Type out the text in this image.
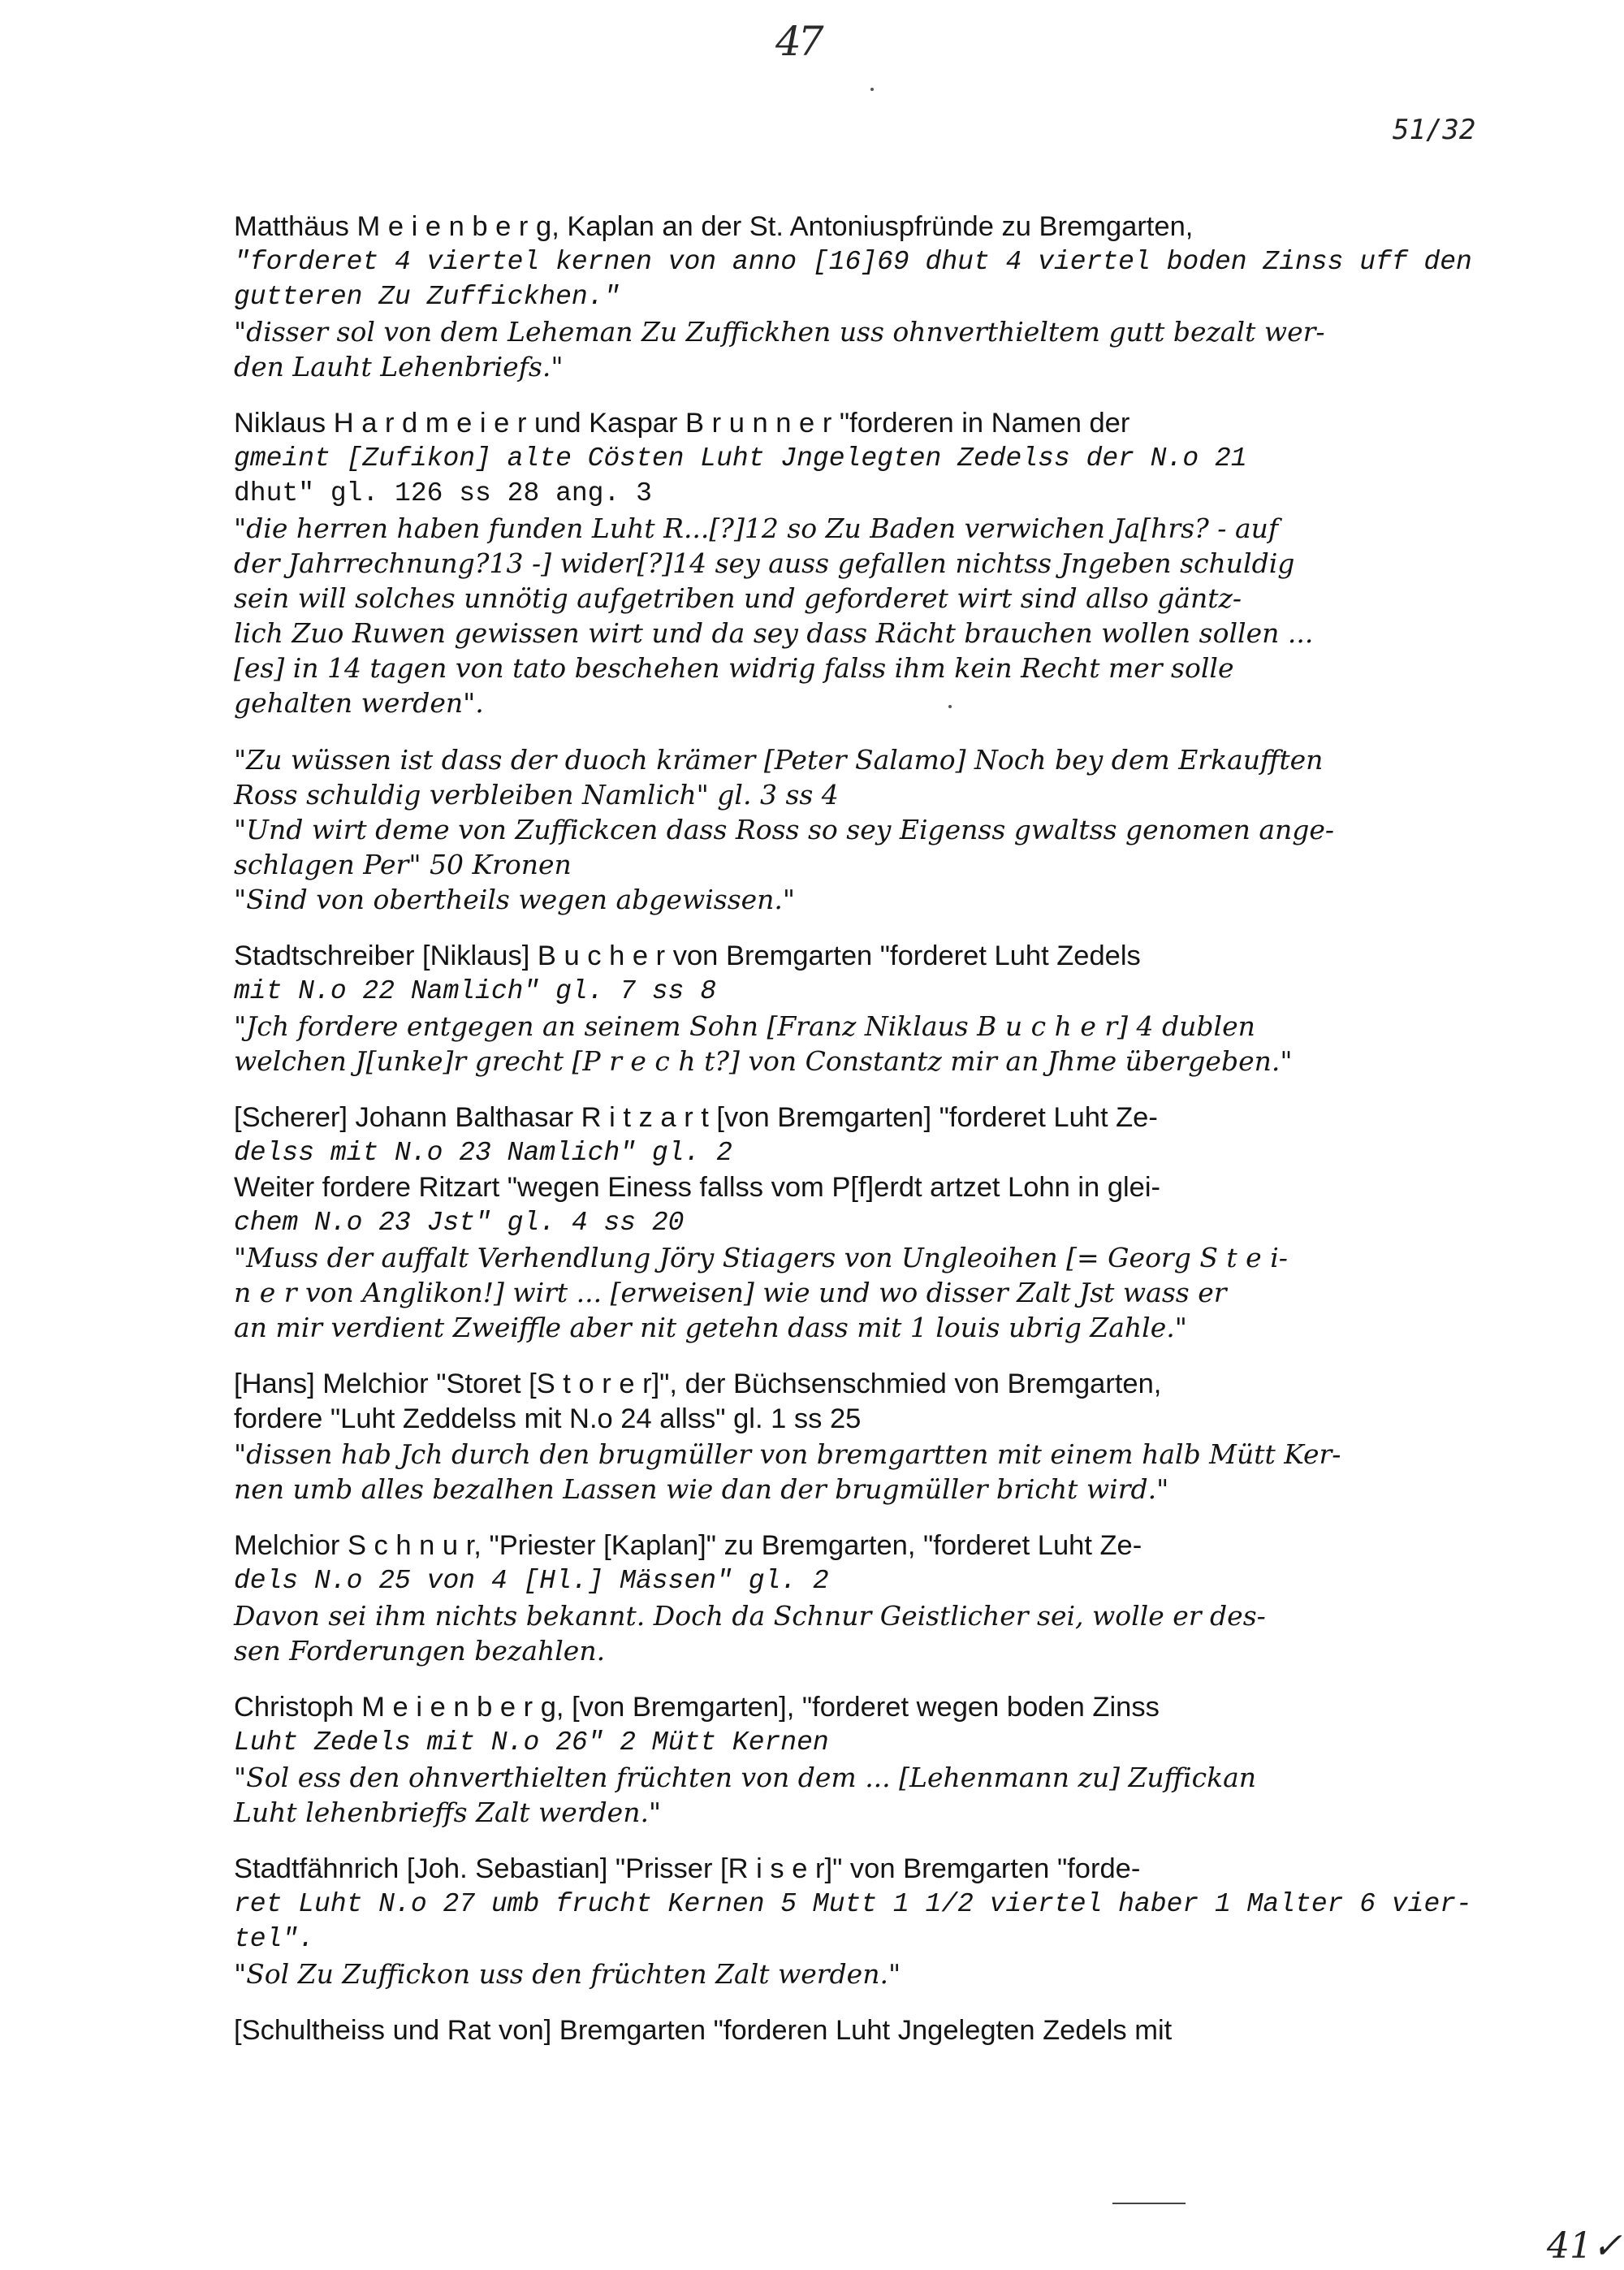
47
51/32
Matthäus M e i e n b e r g, Kaplan an der St. Antoniuspfründe zu Bremgarten,
"forderet 4 viertel kernen von anno [16]69 dhut 4 viertel boden Zinss uff den
gutteren Zu Zuffickhen."
"disser sol von dem Leheman Zu Zuffickhen uss ohnverthieltem gutt bezalt wer-
den Lauht Lehenbriefs."
Niklaus H a r d m e i e r und Kaspar B r u n n e r "forderen in Namen der
gmeint [Zufikon] alte Cösten Luht Jngelegten Zedelss der N.o 21
dhut" gl. 126 ss 28 ang. 3
"die herren haben funden Luht R...[?]12 so Zu Baden verwichen Ja[hrs? - auf
der Jahrrechnung?13 -] wider[?]14 sey auss gefallen nichtss Jngeben schuldig
sein will solches unnötig aufgetriben und geforderet wirt sind allso gäntz-
lich Zuo Ruwen gewissen wirt und da sey dass Rächt brauchen wollen sollen ...
[es] in 14 tagen von tato beschehen widrig falss ihm kein Recht mer solle
gehalten werden".
"Zu wüssen ist dass der duoch krämer [Peter Salamo] Noch bey dem Erkaufften
Ross schuldig verbleiben Namlich" gl. 3 ss 4
"Und wirt deme von Zuffickcen dass Ross so sey Eigenss gwaltss genomen ange-
schlagen Per" 50 Kronen
"Sind von obertheils wegen abgewissen."
Stadtschreiber [Niklaus] B u c h e r von Bremgarten "forderet Luht Zedels
mit N.o 22 Namlich" gl. 7 ss 8
"Jch fordere entgegen an seinem Sohn [Franz Niklaus B u c h e r] 4 dublen
welchen J[unke]r grecht [P r e c h t?] von Constantz mir an Jhme übergeben."
[Scherer] Johann Balthasar R i t z a r t [von Bremgarten] "forderet Luht Ze-
delss mit N.o 23 Namlich" gl. 2
Weiter fordere Ritzart "wegen Einess fallss vom P[f]erdt artzet Lohn in glei-
chem N.o 23 Jst" gl. 4 ss 20
"Muss der auffalt Verhendlung Jöry Stiagers von Ungleoihen [= Georg S t e i-
n e r von Anglikon!] wirt ... [erweisen] wie und wo disser Zalt Jst wass er
an mir verdient Zweiffle aber nit getehn dass mit 1 louis ubrig Zahle."
[Hans] Melchior "Storet [S t o r e r]", der Büchsenschmied von Bremgarten,
fordere "Luht Zeddelss mit N.o 24 allss" gl. 1 ss 25
"dissen hab Jch durch den brugmüller von bremgartten mit einem halb Mütt Ker-
nen umb alles bezalhen Lassen wie dan der brugmüller bricht wird."
Melchior S c h n u r, "Priester [Kaplan]" zu Bremgarten, "forderet Luht Ze-
dels N.o 25 von 4 [Hl.] Mässen" gl. 2
Davon sei ihm nichts bekannt. Doch da Schnur Geistlicher sei, wolle er des-
sen Forderungen bezahlen.
Christoph M e i e n b e r g, [von Bremgarten], "forderet wegen boden Zinss
Luht Zedels mit N.o 26" 2 Mütt Kernen
"Sol ess den ohnverthielten früchten von dem ... [Lehenmann zu] Zuffickan
Luht lehenbrieffs Zalt werden."
Stadtfähnrich [Joh. Sebastian] "Prisser [R i s e r]" von Bremgarten "forde-
ret Luht N.o 27 umb frucht Kernen 5 Mutt 1 1/2 viertel haber 1 Malter 6 vier-
tel".
"Sol Zu Zuffickon uss den früchten Zalt werden."
[Schultheiss und Rat von] Bremgarten "forderen Luht Jngelegten Zedels mit
41✓
